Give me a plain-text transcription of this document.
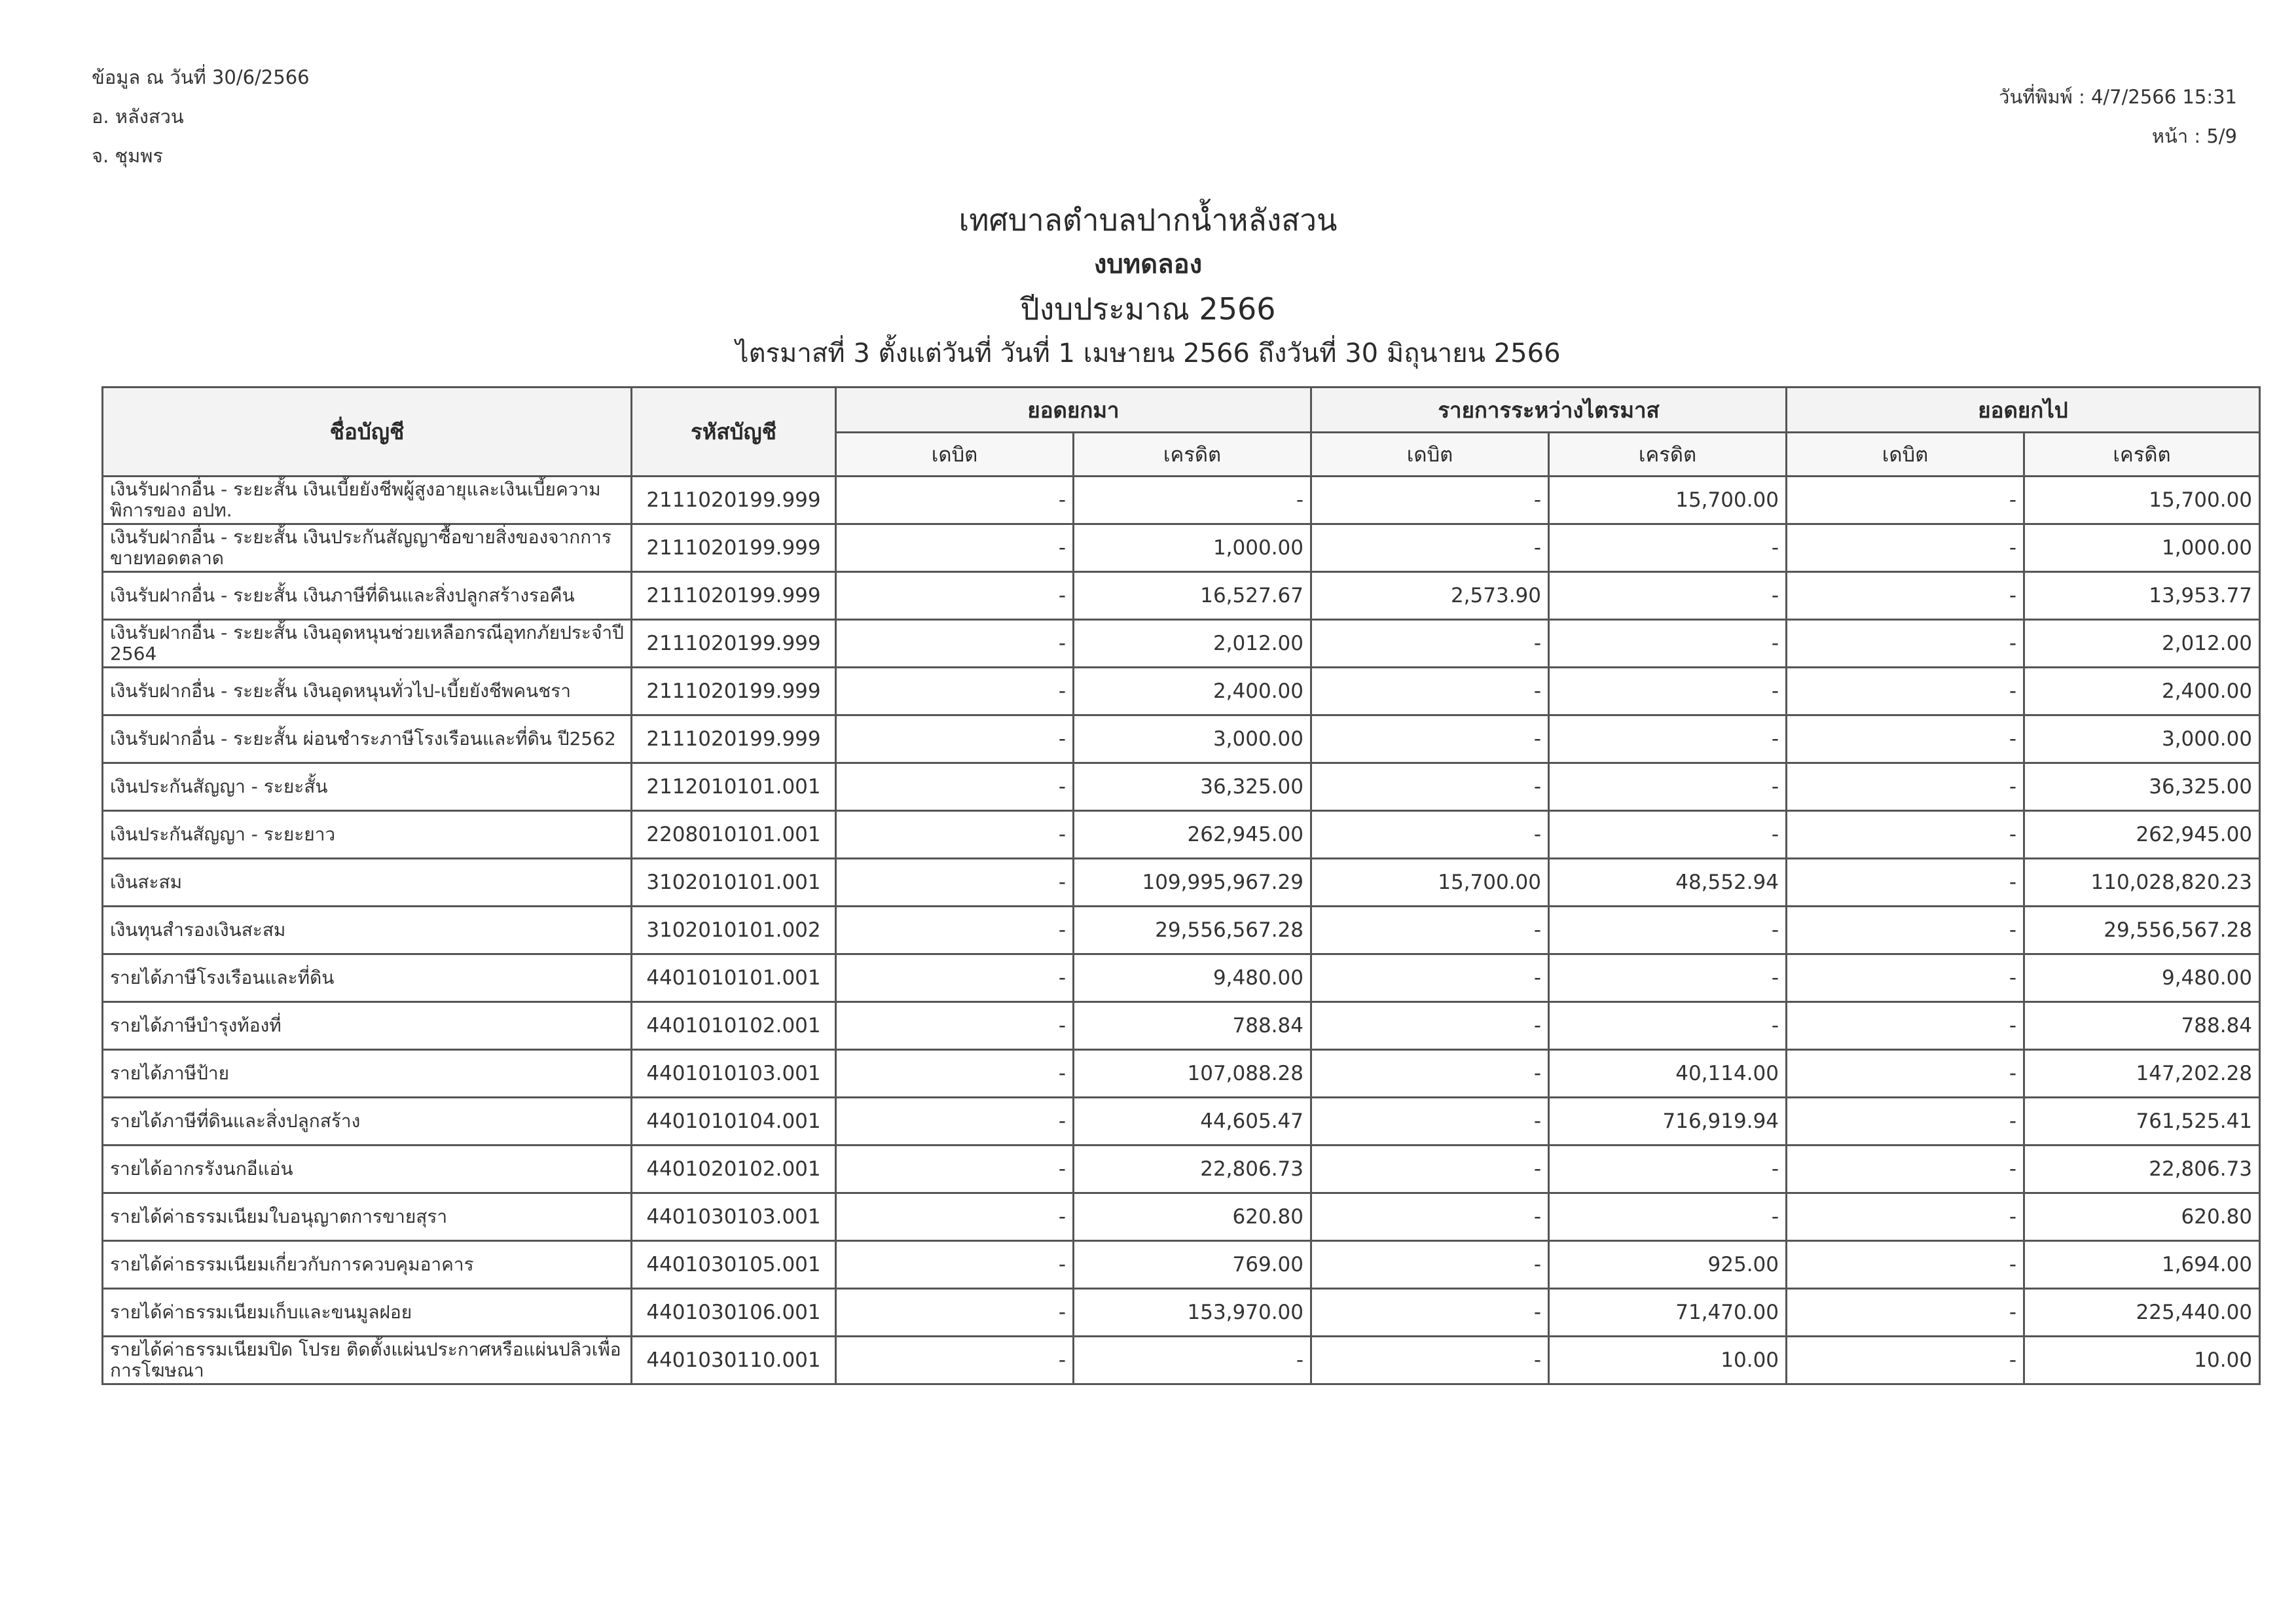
ข้อมูล ณ วันที่ 30/6/2566
อ. หลังสวน
จ. ชุมพร
วันที่พิมพ์ : 4/7/2566 15:31
หน้า : 5/9
เทศบาลตำบลปากน้ำหลังสวน
งบทดลอง
ปีงบประมาณ 2566
ไตรมาสที่ 3 ตั้งแต่วันที่ วันที่ 1 เมษายน 2566 ถึงวันที่ 30 มิถุนายน 2566
ชื่อบัญชี	รหัสบัญชี	ยอดยกมา		รายการระหว่างไตรมาส		ยอดยกไป	
		เดบิต	เครดิต	เดบิต	เครดิต	เดบิต	เครดิต
เงินรับฝากอื่น - ระยะสั้น เงินเบี้ยยังชีพผู้สูงอายุและเงินเบี้ยความพิการของ อปท.	2111020199.999	-	-	-	15,700.00	-	15,700.00
เงินรับฝากอื่น - ระยะสั้น เงินประกันสัญญาซื้อขายสิ่งของจากการขายทอดตลาด	2111020199.999	-	1,000.00	-	-	-	1,000.00
เงินรับฝากอื่น - ระยะสั้น เงินภาษีที่ดินและสิ่งปลูกสร้างรอคืน	2111020199.999	-	16,527.67	2,573.90	-	-	13,953.77
เงินรับฝากอื่น - ระยะสั้น เงินอุดหนุนช่วยเหลือกรณีอุทกภัยประจำปี 2564	2111020199.999	-	2,012.00	-	-	-	2,012.00
เงินรับฝากอื่น - ระยะสั้น เงินอุดหนุนทั่วไป-เบี้ยยังชีพคนชรา	2111020199.999	-	2,400.00	-	-	-	2,400.00
เงินรับฝากอื่น - ระยะสั้น ผ่อนชำระภาษีโรงเรือนและที่ดิน ปี2562	2111020199.999	-	3,000.00	-	-	-	3,000.00
เงินประกันสัญญา - ระยะสั้น	2112010101.001	-	36,325.00	-	-	-	36,325.00
เงินประกันสัญญา - ระยะยาว	2208010101.001	-	262,945.00	-	-	-	262,945.00
เงินสะสม	3102010101.001	-	109,995,967.29	15,700.00	48,552.94	-	110,028,820.23
เงินทุนสำรองเงินสะสม	3102010101.002	-	29,556,567.28	-	-	-	29,556,567.28
รายได้ภาษีโรงเรือนและที่ดิน	4401010101.001	-	9,480.00	-	-	-	9,480.00
รายได้ภาษีบำรุงท้องที่	4401010102.001	-	788.84	-	-	-	788.84
รายได้ภาษีป้าย	4401010103.001	-	107,088.28	-	40,114.00	-	147,202.28
รายได้ภาษีที่ดินและสิ่งปลูกสร้าง	4401010104.001	-	44,605.47	-	716,919.94	-	761,525.41
รายได้อากรรังนกอีแอ่น	4401020102.001	-	22,806.73	-	-	-	22,806.73
รายได้ค่าธรรมเนียมใบอนุญาตการขายสุรา	4401030103.001	-	620.80	-	-	-	620.80
รายได้ค่าธรรมเนียมเกี่ยวกับการควบคุมอาคาร	4401030105.001	-	769.00	-	925.00	-	1,694.00
รายได้ค่าธรรมเนียมเก็บและขนมูลฝอย	4401030106.001	-	153,970.00	-	71,470.00	-	225,440.00
รายได้ค่าธรรมเนียมปิด โปรย ติดตั้งแผ่นประกาศหรือแผ่นปลิวเพื่อการโฆษณา	4401030110.001	-	-	-	10.00	-	10.00
